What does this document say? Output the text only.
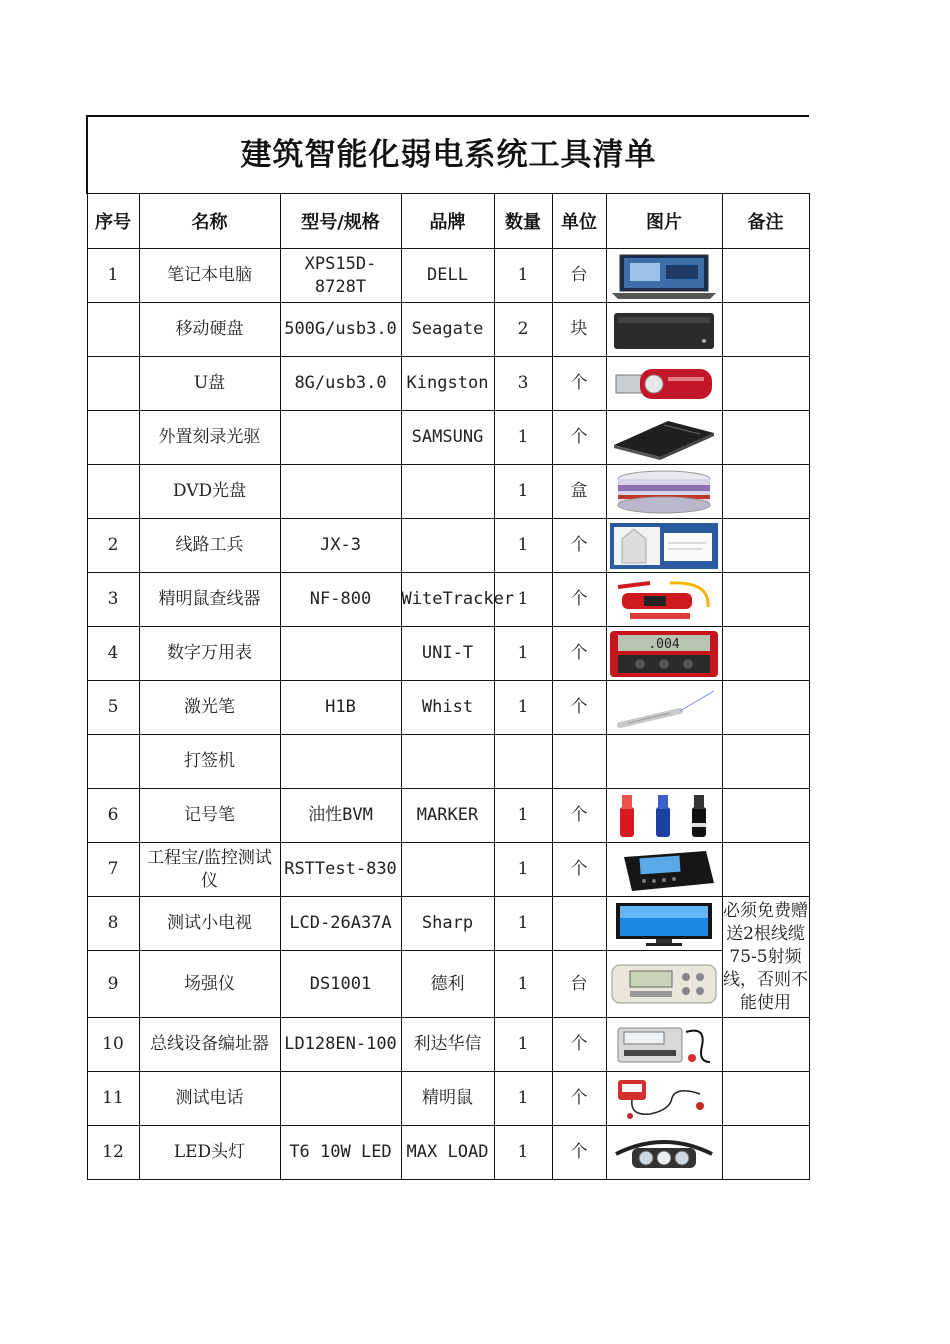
建筑智能化弱电系统工具清单							
序号	名称	型号/规格	品牌	数量	单位	图片	备注
1	笔记本电脑	XPS15D-8728T	DELL	1	台	

	移动硬盘	500G/usb3.0	Seagate	2	块	

	U盘	8G/usb3.0	Kingston	3	个	

	外置刻录光驱		SAMSUNG	1	个	

	DVD光盘			1	盒	

2	线路工兵	JX-3		1	个	

3	精明鼠查线器	NF-800	WiteTracker	1	个	

4	数字万用表		UNI-T	1	个	.004	

5	激光笔	H1B	Whist	1	个	

	打签机						
6	记号笔	油性BVM	MARKER	1	个	

7	工程宝/监控测试仪	RSTTest-830		1	个	

8	测试小电视	LCD-26A37A	Sharp	1			必须免费赠送2根线缆75-5射频线，否则不能使用
9	场强仪	DS1001	德利	1	台	

10	总线设备编址器	LD128EN-100	利达华信	1	个	

11	测试电话		精明鼠	1	个	

12	LED头灯	T6 10W LED	MAX LOAD	1	个	
